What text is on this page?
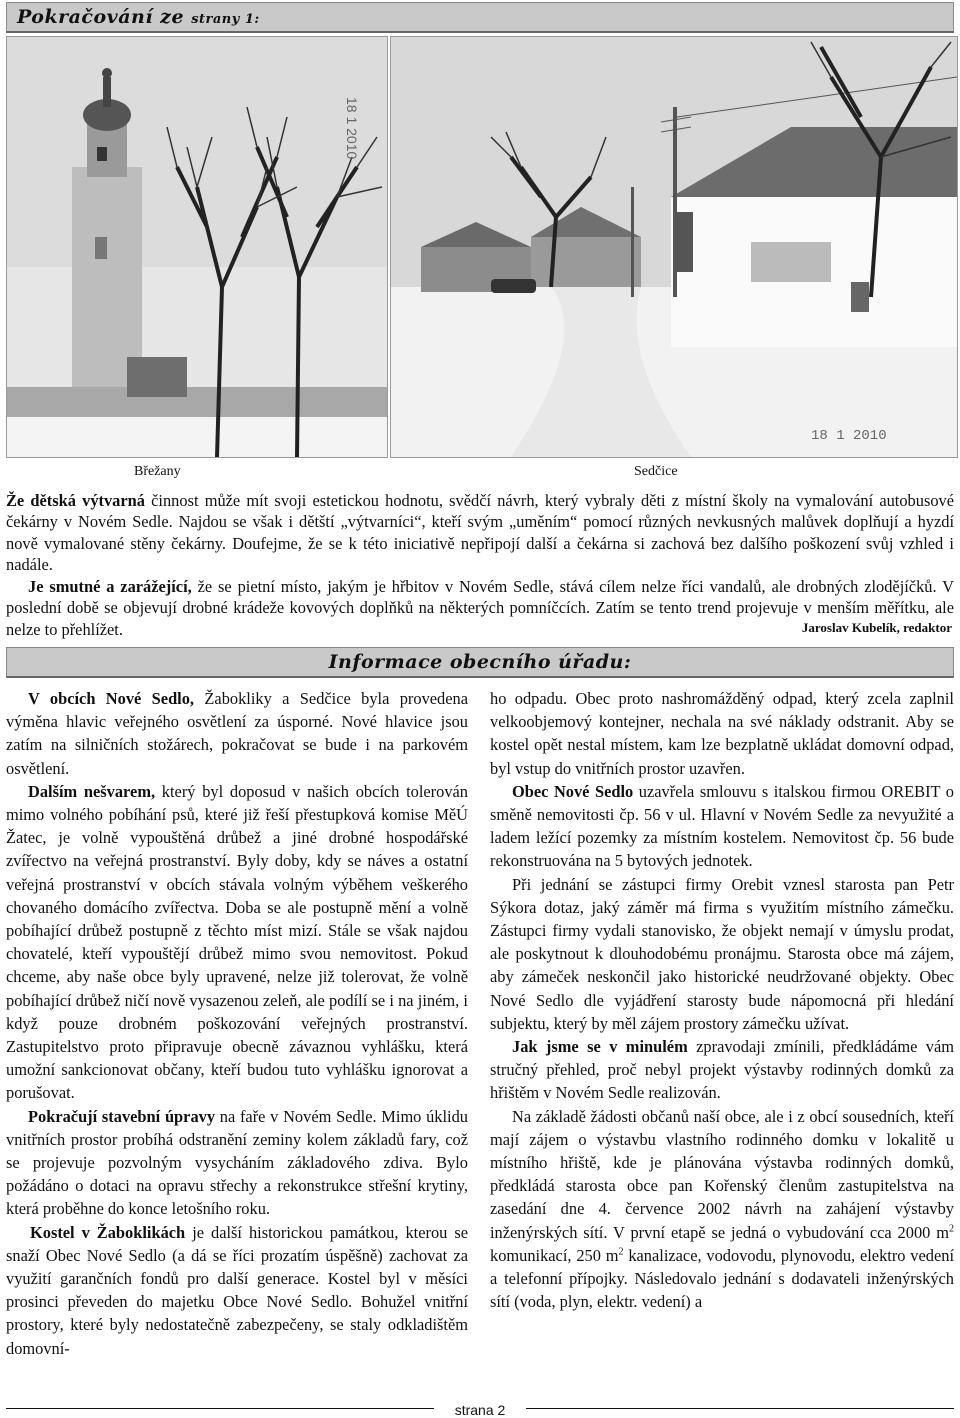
Pokračování ze strany 1:
18 1 2010
18 1 2010
Břežany	Sedčice
Že dětská výtvarná činnost může mít svoji estetickou hodnotu, svědčí návrh, který vybraly děti z místní školy na vymalování autobusové čekárny v Novém Sedle. Najdou se však i dětští „výtvarníci“, kteří svým „uměním“ pomocí různých nevkusných malůvek doplňují a hyzdí nově vymalované stěny čekárny. Doufejme, že se k této iniciativě nepřipojí další a čekárna si zachová bez dalšího poškození svůj vzhled i nadále.
Je smutné a zarážející, že se pietní místo, jakým je hřbitov v Novém Sedle, stává cílem nelze říci vandalů, ale drobných zlodějíčků. V poslední době se objevují drobné krádeže kovových doplňků na některých pomníčcích. Zatím se tento trend projevuje v menším měřítku, ale nelze to přehlížet.	Jaroslav Kubelík, redaktor
Informace obecního úřadu:

V obcích Nové Sedlo, Žabokliky a Sedčice byla provedena výměna hlavic veřejného osvětlení za úsporné. Nové hlavice jsou zatím na silničních stožárech, pokračovat se bude i na parkovém osvětlení.

Dalším nešvarem, který byl doposud v našich obcích tolerován mimo volného pobíhání psů, které již řeší přestupková komise MěÚ Žatec, je volně vypouštěná drůbež a jiné drobné hospodářské zvířectvo na veřejná prostranství. Byly doby, kdy se náves a ostatní veřejná prostranství v obcích stávala volným výběhem veškerého chovaného domácího zvířectva. Doba se ale postupně mění a volně pobíhající drůbež postupně z těchto míst mizí. Stále se však najdou chovatelé, kteří vypouštějí drůbež mimo svou nemovitost. Pokud chceme, aby naše obce byly upravené, nelze již tolerovat, že volně pobíhající drůbež ničí nově vysazenou zeleň, ale podílí se i na jiném, i když pouze drobném poškozování veřejných prostranství. Zastupitelstvo proto připravuje obecně závaznou vyhlášku, která umožní sankcionovat občany, kteří budou tuto vyhlášku ignorovat a porušovat.

Pokračují stavební úpravy na faře v Novém Sedle. Mimo úklidu vnitřních prostor probíhá odstranění zeminy kolem základů fary, což se projevuje pozvolným vysycháním základového zdiva. Bylo požádáno o dotaci na opravu střechy a rekonstrukce střešní krytiny, která proběhne do konce letošního roku.

Kostel v Žaboklikách je další historickou památkou, kterou se snaží Obec Nové Sedlo (a dá se říci prozatím úspěšně) zachovat za využití garančních fondů pro další generace. Kostel byl v měsíci prosinci převeden do majetku Obce Nové Sedlo. Bohužel vnitřní prostory, které byly nedostatečně zabezpečeny, se staly odkladištěm domovní-

ho odpadu. Obec proto nashromážděný odpad, který zcela zaplnil velkoobjemový kontejner, nechala na své náklady odstranit. Aby se kostel opět nestal místem, kam lze bezplatně ukládat domovní odpad, byl vstup do vnitřních prostor uzavřen.

Obec Nové Sedlo uzavřela smlouvu s italskou firmou OREBIT o směně nemovitosti čp. 56 v ul. Hlavní v Novém Sedle za nevyužité a ladem ležící pozemky za místním kostelem. Nemovitost čp. 56 bude rekonstruována na 5 bytových jednotek.

Při jednání se zástupci firmy Orebit vznesl starosta pan Petr Sýkora dotaz, jaký záměr má firma s využitím místního zámečku. Zástupci firmy vydali stanovisko, že objekt nemají v úmyslu prodat, ale poskytnout k dlouhodobému pronájmu. Starosta obce má zájem, aby zámeček neskončil jako historické neudržované objekty. Obec Nové Sedlo dle vyjádření starosty bude nápomocná při hledání subjektu, který by měl zájem prostory zámečku užívat.

Jak jsme se v minulém zpravodaji zmínili, předkládáme vám stručný přehled, proč nebyl projekt výstavby rodinných domků za hřištěm v Novém Sedle realizován.

Na základě žádosti občanů naší obce, ale i z obcí sousedních, kteří mají zájem o výstavbu vlastního rodinného domku v lokalitě u místního hřiště, kde je plánována výstavba rodinných domků, předkládá starosta obce pan Kořenský členům zastupitelstva na zasedání dne 4. července 2002 návrh na zahájení výstavby inženýrských sítí. V první etapě se jedná o vybudování cca 2000 $m^2$ komunikací, 250 $m^2$ kanalizace, vodovodu, plynovodu, elektro vedení a telefonní přípojky. Následovalo jednání s dodavateli inženýrských sítí (voda, plyn, elektr. vedení) a

strana 2
